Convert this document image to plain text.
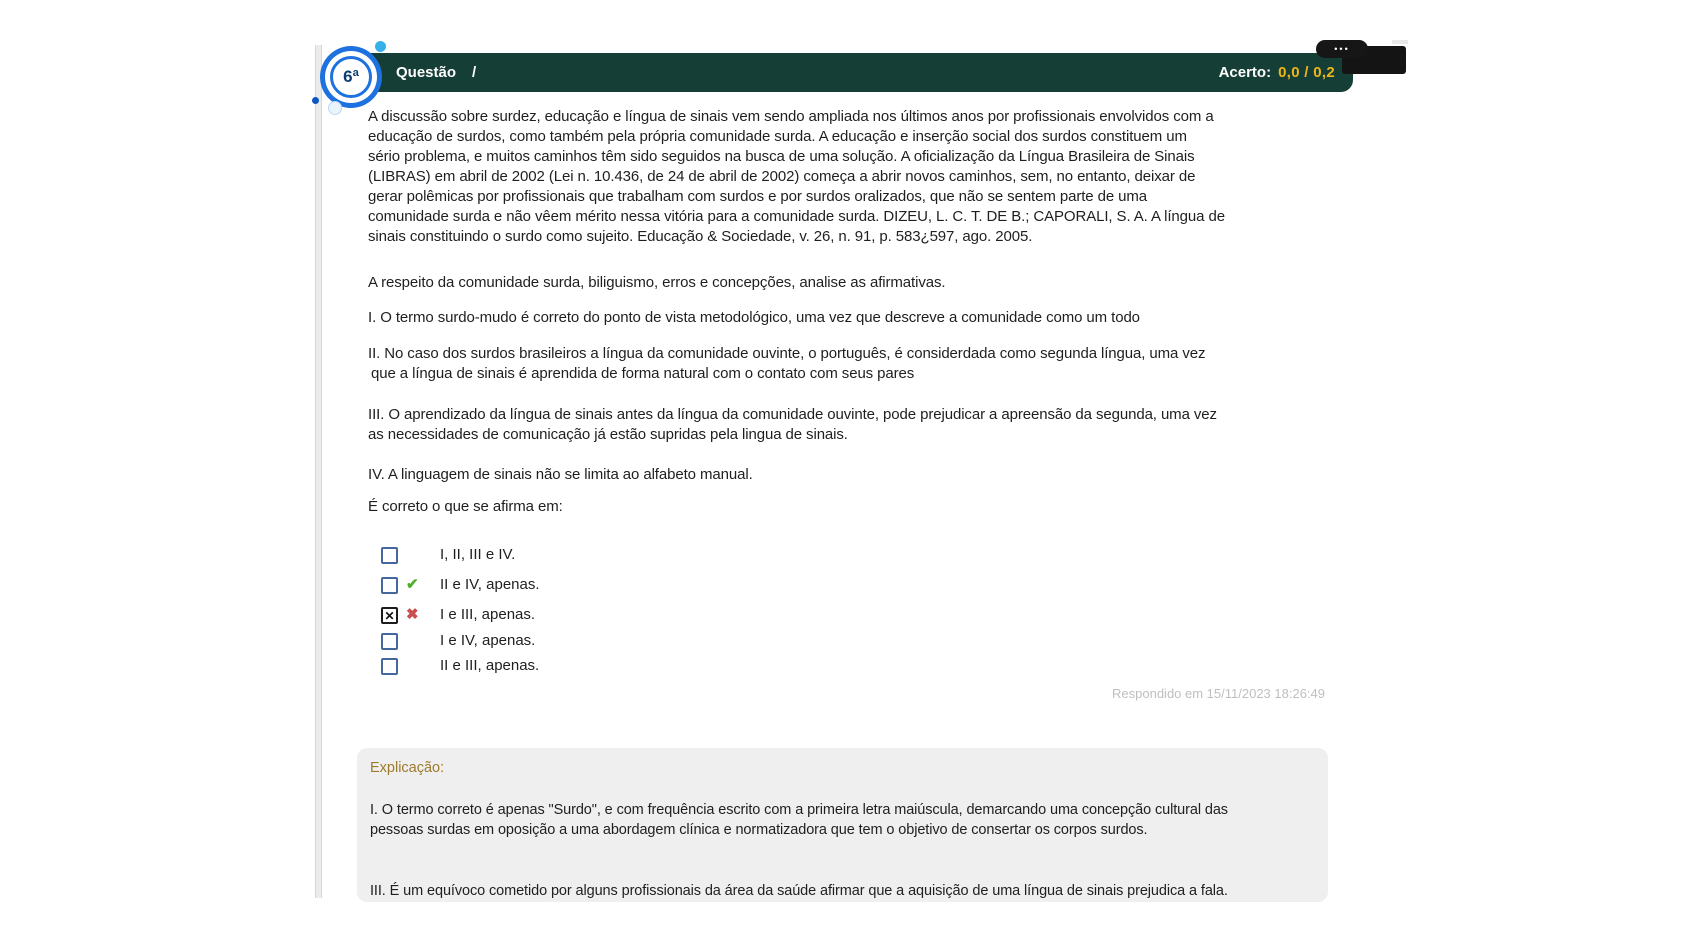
Questão /	Acerto: 0,0 / 0,2
6ª
•••
A discussão sobre surdez, educação e língua de sinais vem sendo ampliada nos últimos anos por profissionais envolvidos com a
educação de surdos, como também pela própria comunidade surda. A educação e inserção social dos surdos constituem um
sério problema, e muitos caminhos têm sido seguidos na busca de uma solução. A oficialização da Língua Brasileira de Sinais
(LIBRAS) em abril de 2002 (Lei n. 10.436, de 24 de abril de 2002) começa a abrir novos caminhos, sem, no entanto, deixar de
gerar polêmicas por profissionais que trabalham com surdos e por surdos oralizados, que não se sentem parte de uma
comunidade surda e não vêem mérito nessa vitória para a comunidade surda. DIZEU, L. C. T. DE B.; CAPORALI, S. A. A língua de
sinais constituindo o surdo como sujeito. Educação & Sociedade, v. 26, n. 91, p. 583¿597, ago. 2005.
A respeito da comunidade surda, biliguismo, erros e concepções, analise as afirmativas.
I. O termo surdo-mudo é correto do ponto de vista metodológico, uma vez que descreve a comunidade como um todo
II. No caso dos surdos brasileiros a língua da comunidade ouvinte, o português, é considerdada como segunda língua, uma vez
que a língua de sinais é aprendida de forma natural com o contato com seus pares
III. O aprendizado da língua de sinais antes da língua da comunidade ouvinte, pode prejudicar a apreensão da segunda, uma vez
as necessidades de comunicação já estão supridas pela lingua de sinais.
IV. A linguagem de sinais não se limita ao alfabeto manual.
É correto o que se afirma em:
I, II, III e IV.
✔	II e IV, apenas.
✕ ✖	I e III, apenas.
I e IV, apenas.
II e III, apenas.
Respondido em 15/11/2023 18:26:49
Explicação:
I. O termo correto é apenas "Surdo", e com frequência escrito com a primeira letra maiúscula, demarcando uma concepção cultural das
pessoas surdas em oposição a uma abordagem clínica e normatizadora que tem o objetivo de consertar os corpos surdos.
III. É um equívoco cometido por alguns profissionais da área da saúde afirmar que a aquisição de uma língua de sinais prejudica a fala.
